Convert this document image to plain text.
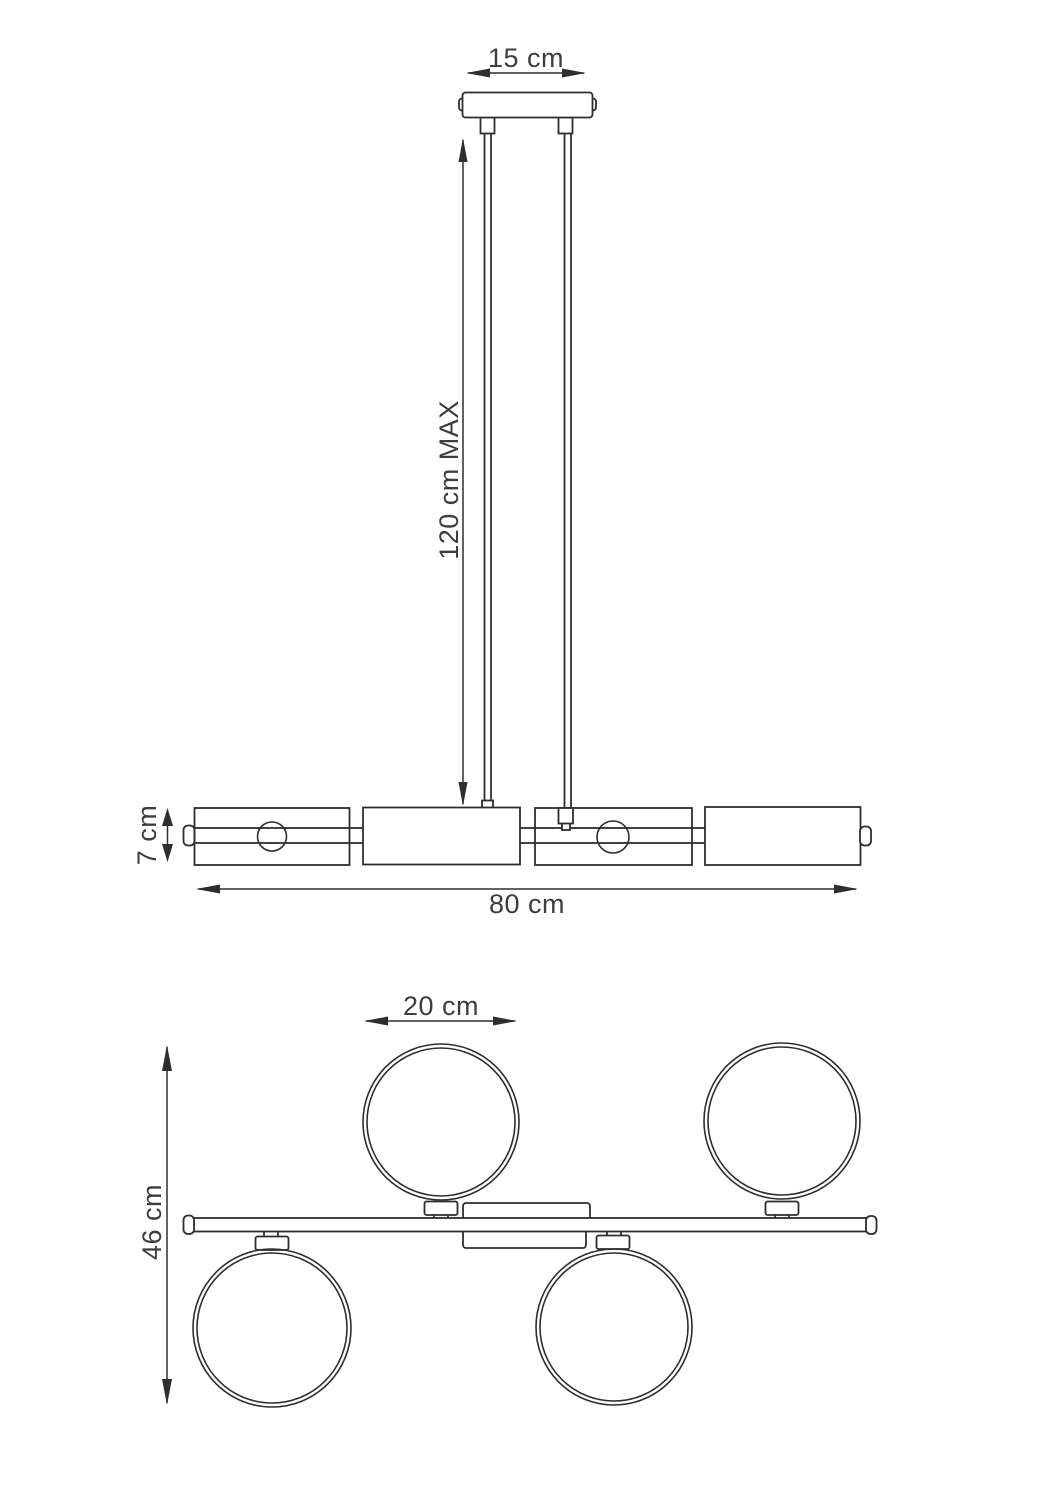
15 cm
120 cm MAX
7 cm
80 cm
20 cm
46 cm
